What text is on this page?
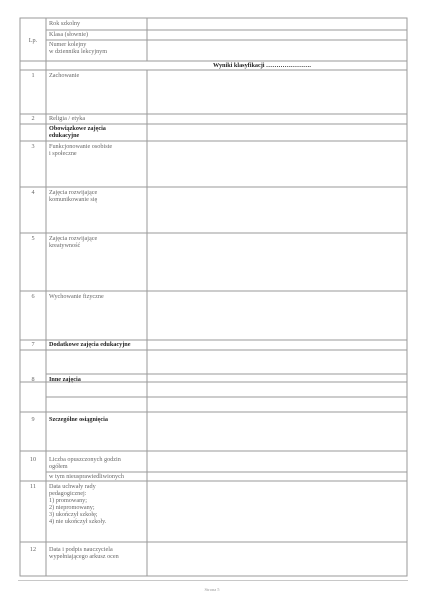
Rok szkolny
Klasa (słownie)
Numer kolejny
w dzienniku lekcyjnym
Lp.
Wyniki klasyfikacji ………………….
1	Zachowanie
2	Religia / etyka
Obowiązkowe zajęcia
edukacyjne
3	Funkcjonowanie osobiste
i społeczne
4	Zajęcia rozwijające
komunikowanie się
5	Zajęcia rozwijające
kreatywność
6	Wychowanie fizyczne
7	Dodatkowe zajęcia edukacyjne
8	Inne zajęcia
9	Szczególne osiągnięcia
10	Liczba opuszczonych godzin
ogółem
w tym nieusprawiedliwionych
11	Data uchwały rady
pedagogicznej:
1) promowany;
2) niepromowany;
3) ukończył szkołę;
4) nie ukończył szkoły.
12	Data i podpis nauczyciela
wypełniającego arkusz ocen
Strona 5
